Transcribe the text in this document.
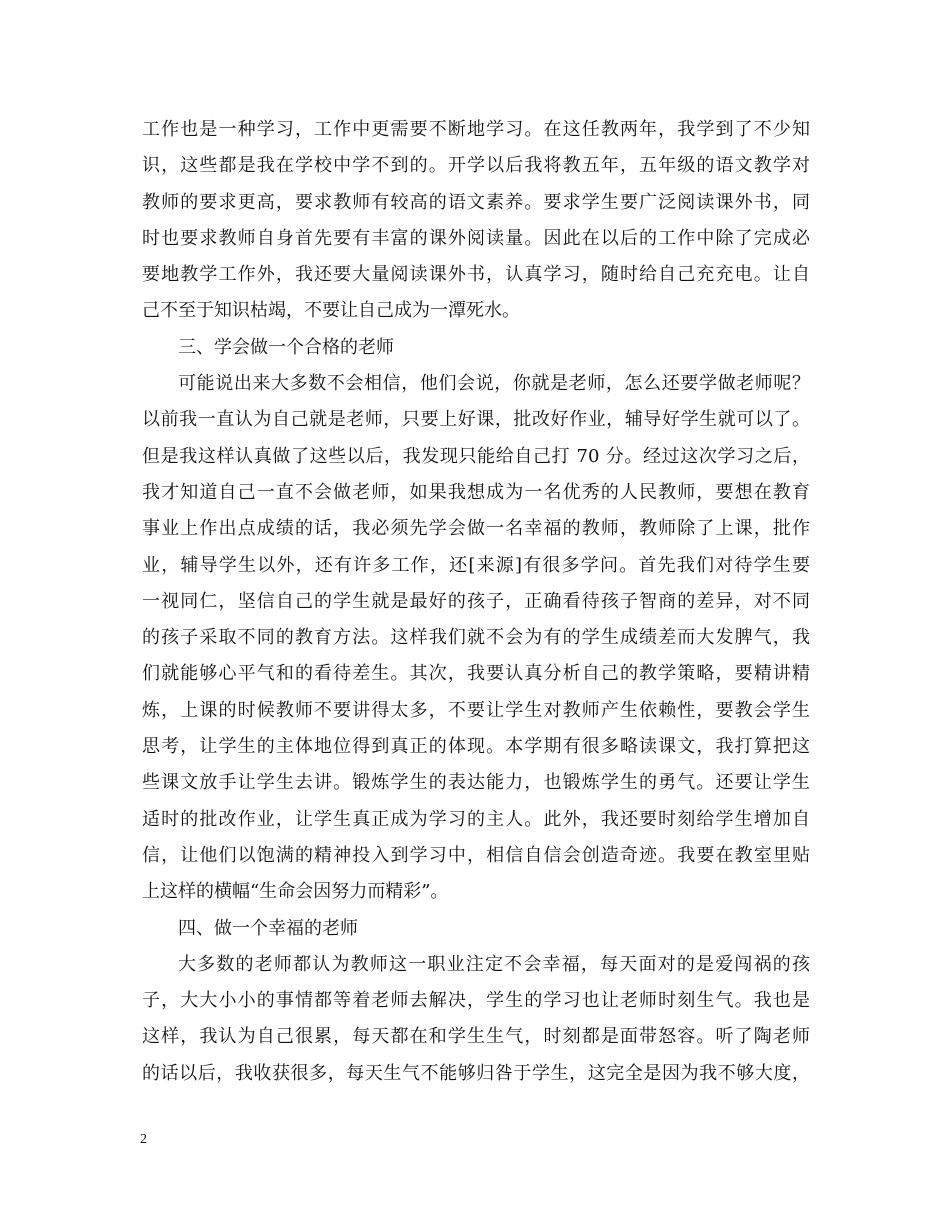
工作也是一种学习，工作中更需要不断地学习。在这任教两年，我学到了不少知
识，这些都是我在学校中学不到的。开学以后我将教五年，五年级的语文教学对
教师的要求更高，要求教师有较高的语文素养。要求学生要广泛阅读课外书，同
时也要求教师自身首先要有丰富的课外阅读量。因此在以后的工作中除了完成必
要地教学工作外，我还要大量阅读课外书，认真学习，随时给自己充充电。让自
己不至于知识枯竭，不要让自己成为一潭死水。
三、学会做一个合格的老师
可能说出来大多数不会相信，他们会说，你就是老师，怎么还要学做老师呢？
以前我一直认为自己就是老师，只要上好课，批改好作业，辅导好学生就可以了。
但是我这样认真做了这些以后，我发现只能给自己打 70 分。经过这次学习之后，
我才知道自己一直不会做老师，如果我想成为一名优秀的人民教师，要想在教育
事业上作出点成绩的话，我必须先学会做一名幸福的教师，教师除了上课，批作
业，辅导学生以外，还有许多工作，还[来源]有很多学问。首先我们对待学生要
一视同仁，坚信自己的学生就是最好的孩子，正确看待孩子智商的差异，对不同
的孩子采取不同的教育方法。这样我们就不会为有的学生成绩差而大发脾气，我
们就能够心平气和的看待差生。其次，我要认真分析自己的教学策略，要精讲精
炼，上课的时候教师不要讲得太多，不要让学生对教师产生依赖性，要教会学生
思考，让学生的主体地位得到真正的体现。本学期有很多略读课文，我打算把这
些课文放手让学生去讲。锻炼学生的表达能力，也锻炼学生的勇气。还要让学生
适时的批改作业，让学生真正成为学习的主人。此外，我还要时刻给学生增加自
信，让他们以饱满的精神投入到学习中，相信自信会创造奇迹。我要在教室里贴
上这样的横幅“生命会因努力而精彩”。
四、做一个幸福的老师
大多数的老师都认为教师这一职业注定不会幸福，每天面对的是爱闯祸的孩
子，大大小小的事情都等着老师去解决，学生的学习也让老师时刻生气。我也是
这样，我认为自己很累，每天都在和学生生气，时刻都是面带怒容。听了陶老师
的话以后，我收获很多，每天生气不能够归咎于学生，这完全是因为我不够大度，
2
